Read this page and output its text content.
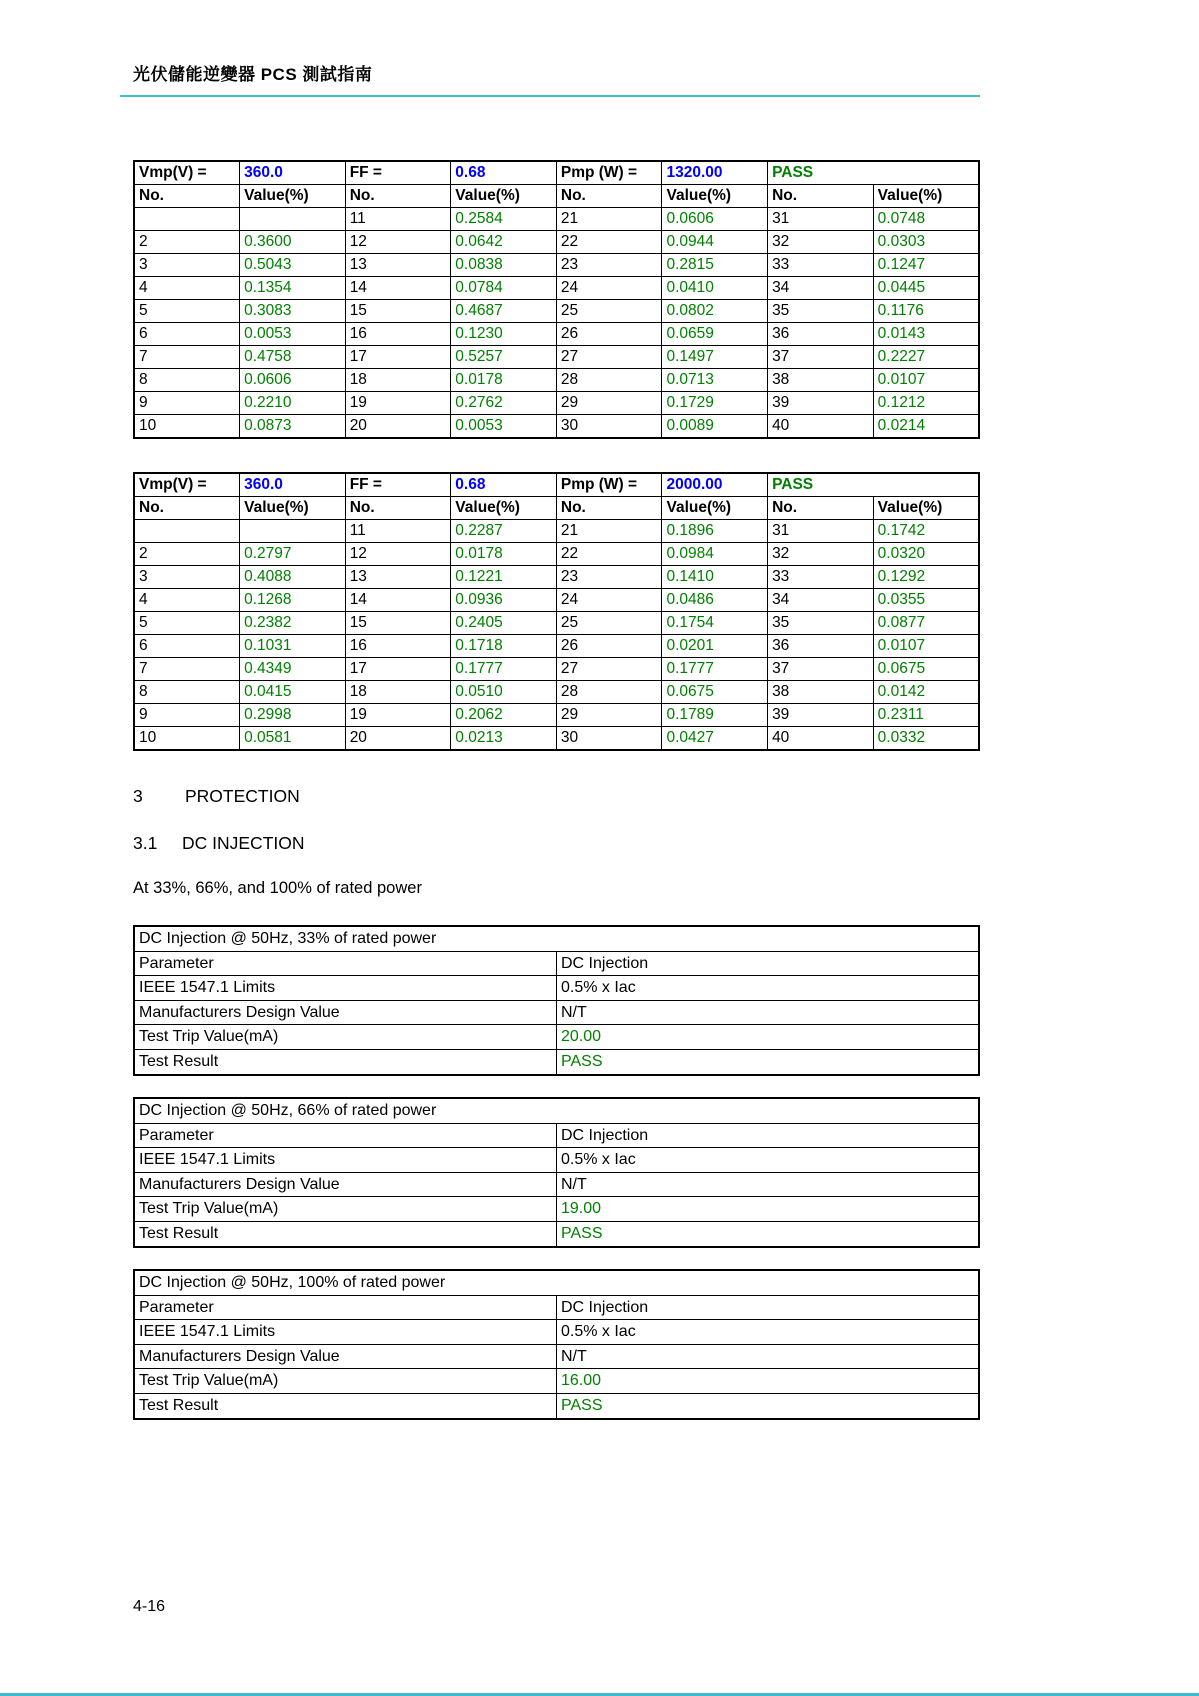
光伏儲能逆變器 PCS 測試指南
Vmp(V) =	360.0	FF =	0.68	Pmp (W) =	1320.00	PASS	
No.	Value(%)	No.	Value(%)	No.	Value(%)	No.	Value(%)
		11	0.2584	21	0.0606	31	0.0748
2	0.3600	12	0.0642	22	0.0944	32	0.0303
3	0.5043	13	0.0838	23	0.2815	33	0.1247
4	0.1354	14	0.0784	24	0.0410	34	0.0445
5	0.3083	15	0.4687	25	0.0802	35	0.1176
6	0.0053	16	0.1230	26	0.0659	36	0.0143
7	0.4758	17	0.5257	27	0.1497	37	0.2227
8	0.0606	18	0.0178	28	0.0713	38	0.0107
9	0.2210	19	0.2762	29	0.1729	39	0.1212
10	0.0873	20	0.0053	30	0.0089	40	0.0214
Vmp(V) =	360.0	FF =	0.68	Pmp (W) =	2000.00	PASS	
No.	Value(%)	No.	Value(%)	No.	Value(%)	No.	Value(%)
		11	0.2287	21	0.1896	31	0.1742
2	0.2797	12	0.0178	22	0.0984	32	0.0320
3	0.4088	13	0.1221	23	0.1410	33	0.1292
4	0.1268	14	0.0936	24	0.0486	34	0.0355
5	0.2382	15	0.2405	25	0.1754	35	0.0877
6	0.1031	16	0.1718	26	0.0201	36	0.0107
7	0.4349	17	0.1777	27	0.1777	37	0.0675
8	0.0415	18	0.0510	28	0.0675	38	0.0142
9	0.2998	19	0.2062	29	0.1789	39	0.2311
10	0.0581	20	0.0213	30	0.0427	40	0.0332
3 PROTECTION
3.1 DC INJECTION
At 33%, 66%, and 100% of rated power
DC Injection @ 50Hz, 33% of rated power	
Parameter	DC Injection
IEEE 1547.1 Limits	0.5% x Iac
Manufacturers Design Value	N/T
Test Trip Value(mA)	20.00
Test Result	PASS
DC Injection @ 50Hz, 66% of rated power	
Parameter	DC Injection
IEEE 1547.1 Limits	0.5% x Iac
Manufacturers Design Value	N/T
Test Trip Value(mA)	19.00
Test Result	PASS
DC Injection @ 50Hz, 100% of rated power	
Parameter	DC Injection
IEEE 1547.1 Limits	0.5% x Iac
Manufacturers Design Value	N/T
Test Trip Value(mA)	16.00
Test Result	PASS
4-16
